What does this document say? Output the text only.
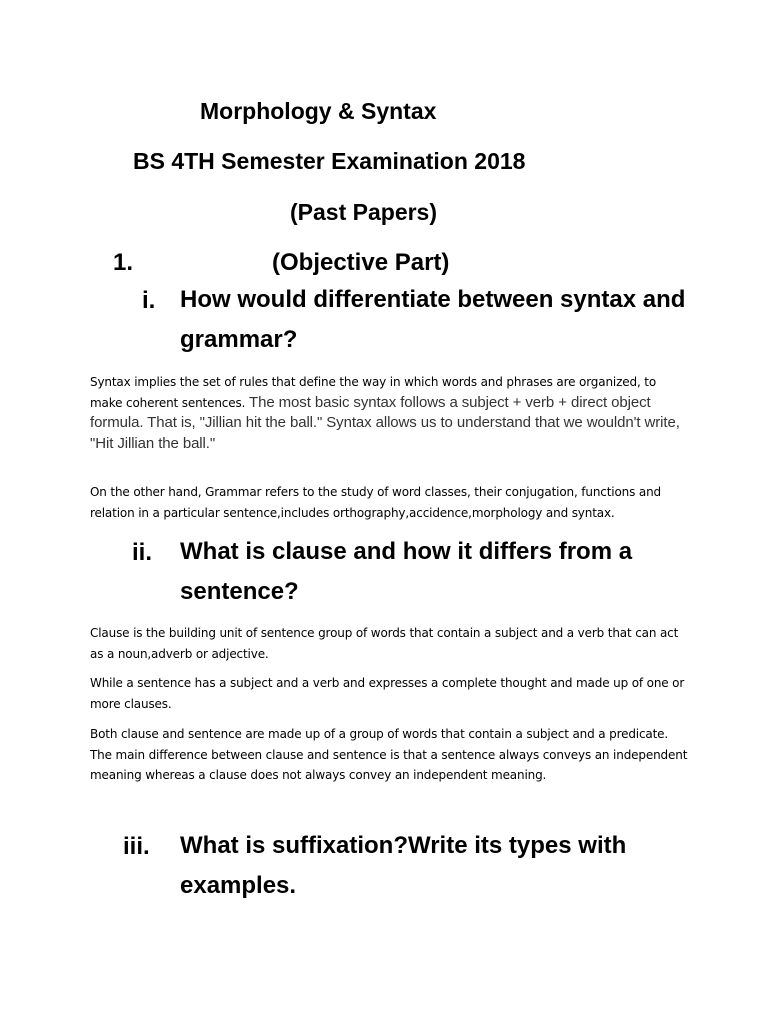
Morphology & Syntax
BS 4TH Semester Examination 2018
(Past Papers)
1.	(Objective Part)
i. How would differentiate between syntax and grammar?
Syntax implies the set of rules that define the way in which words and phrases are organized, to make coherent sentences. The most basic syntax follows a subject + verb + direct object formula. That is, "Jillian hit the ball." Syntax allows us to understand that we wouldn't write, "Hit Jillian the ball."
On the other hand, Grammar refers to the study of word classes, their conjugation, functions and relation in a particular sentence,includes orthography,accidence,morphology and syntax.
ii. What is clause and how it differs from a sentence?
Clause is the building unit of sentence group of words that contain a subject and a verb that can act as a noun,adverb or adjective.
While a sentence has a subject and a verb and expresses a complete thought and made up of one or more clauses.
Both clause and sentence are made up of a group of words that contain a subject and a predicate. The main difference between clause and sentence is that a sentence always conveys an independent meaning whereas a clause does not always convey an independent meaning.
iii. What is suffixation?Write its types with examples.
